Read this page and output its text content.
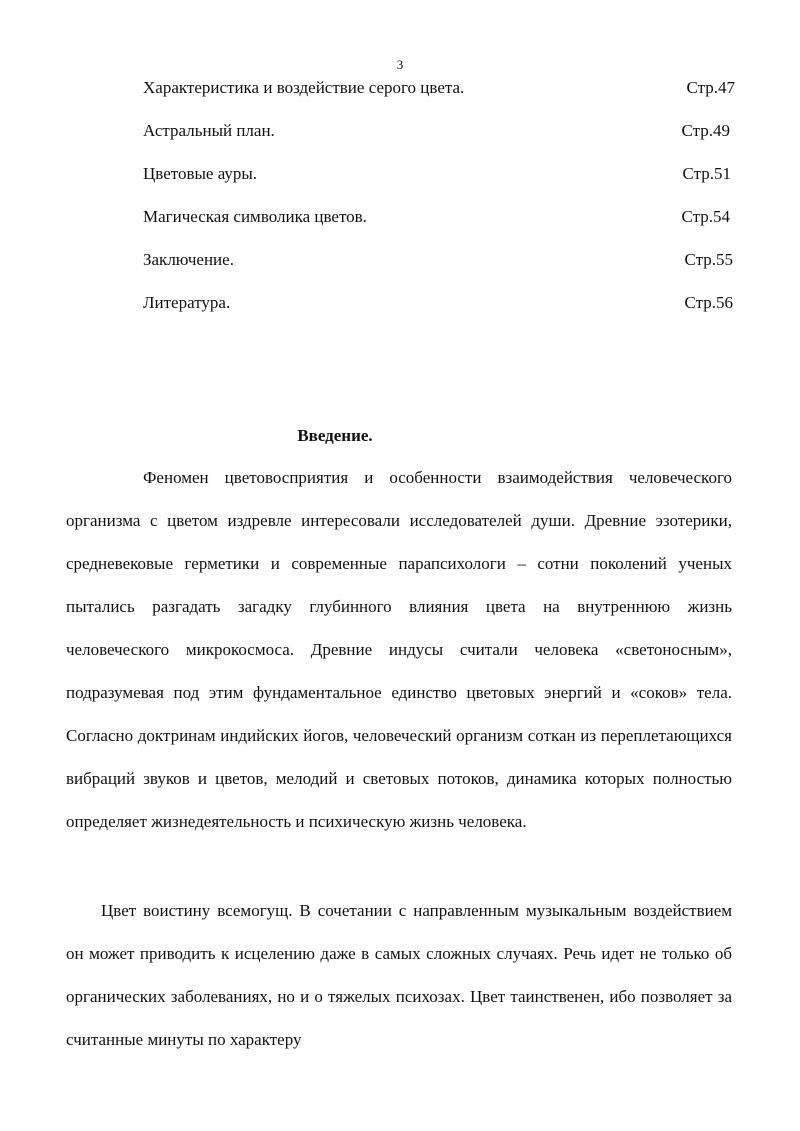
3
Характеристика и воздействие серого цвета.	Стр.47
Астральный план.	Стр.49
Цветовые ауры.	Стр.51
Магическая символика цветов.	Стр.54
Заключение.	Стр.55
Литература.	Стр.56
Введение.

Феномен цветовосприятия и особенности взаимодействия человеческого организма с цветом издревле интересовали исследователей души. Древние эзотерики, средневековые герметики и современные парапсихологи – сотни поколений ученых пытались разгадать загадку глубинного влияния цвета на внутреннюю жизнь человеческого микрокосмоса. Древние индусы считали человека «светоносным», подразумевая под этим фундаментальное единство цветовых энергий и «соков» тела. Согласно доктринам индийских йогов, человеческий организм соткан из переплетающихся вибраций звуков и цветов, мелодий и световых потоков, динамика которых полностью определяет жизнедеятельность и психическую жизнь человека.

Цвет воистину всемогущ. В сочетании с направленным музыкальным воздействием он может приводить к исцелению даже в самых сложных случаях. Речь идет не только об органических заболеваниях, но и о тяжелых психозах. Цвет таинственен, ибо позволяет за считанные минуты по характеру
